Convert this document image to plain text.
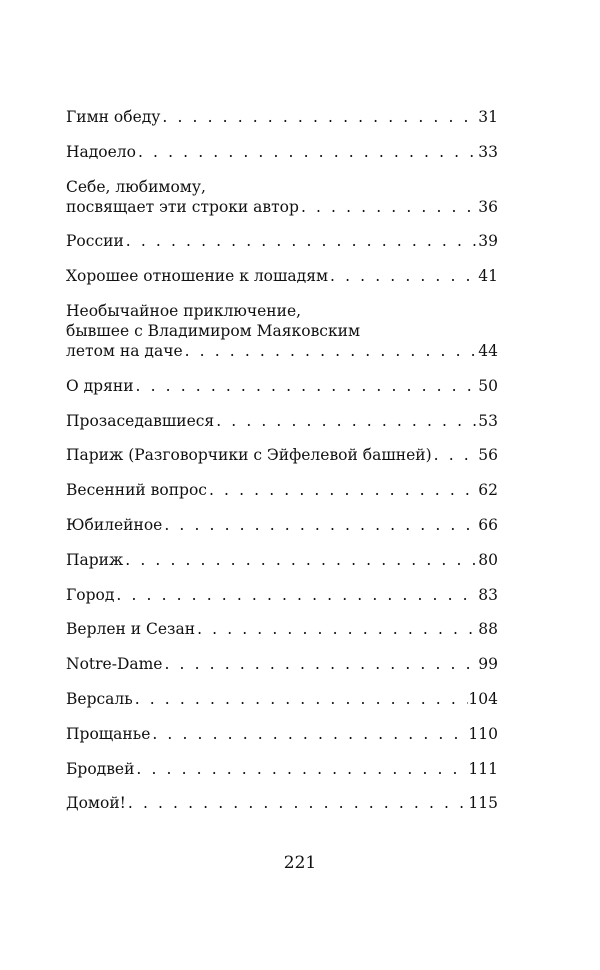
Гимн обеду . . .	31
Надоело . . .	33
Себе, любимому,
посвящает эти строки автор . . .	36
России . . .	39
Хорошее отношение к лошадям . . .	41
Необычайное приключение,
бывшее с Владимиром Маяковским
летом на даче . . .	44
О дряни . . .	50
Прозаседавшиеся . . .	53
Париж (Разговорчики с Эйфелевой башней) . . .	56
Весенний вопрос . . .	62
Юбилейное . . .	66
Париж . . .	80
Город . . .	83
Верлен и Сезан . . .	88
Notre-Dame . . .	99
Версаль . . .	104
Прощанье . . .	110
Бродвей . . .	111
Домой! . . .	115
221
